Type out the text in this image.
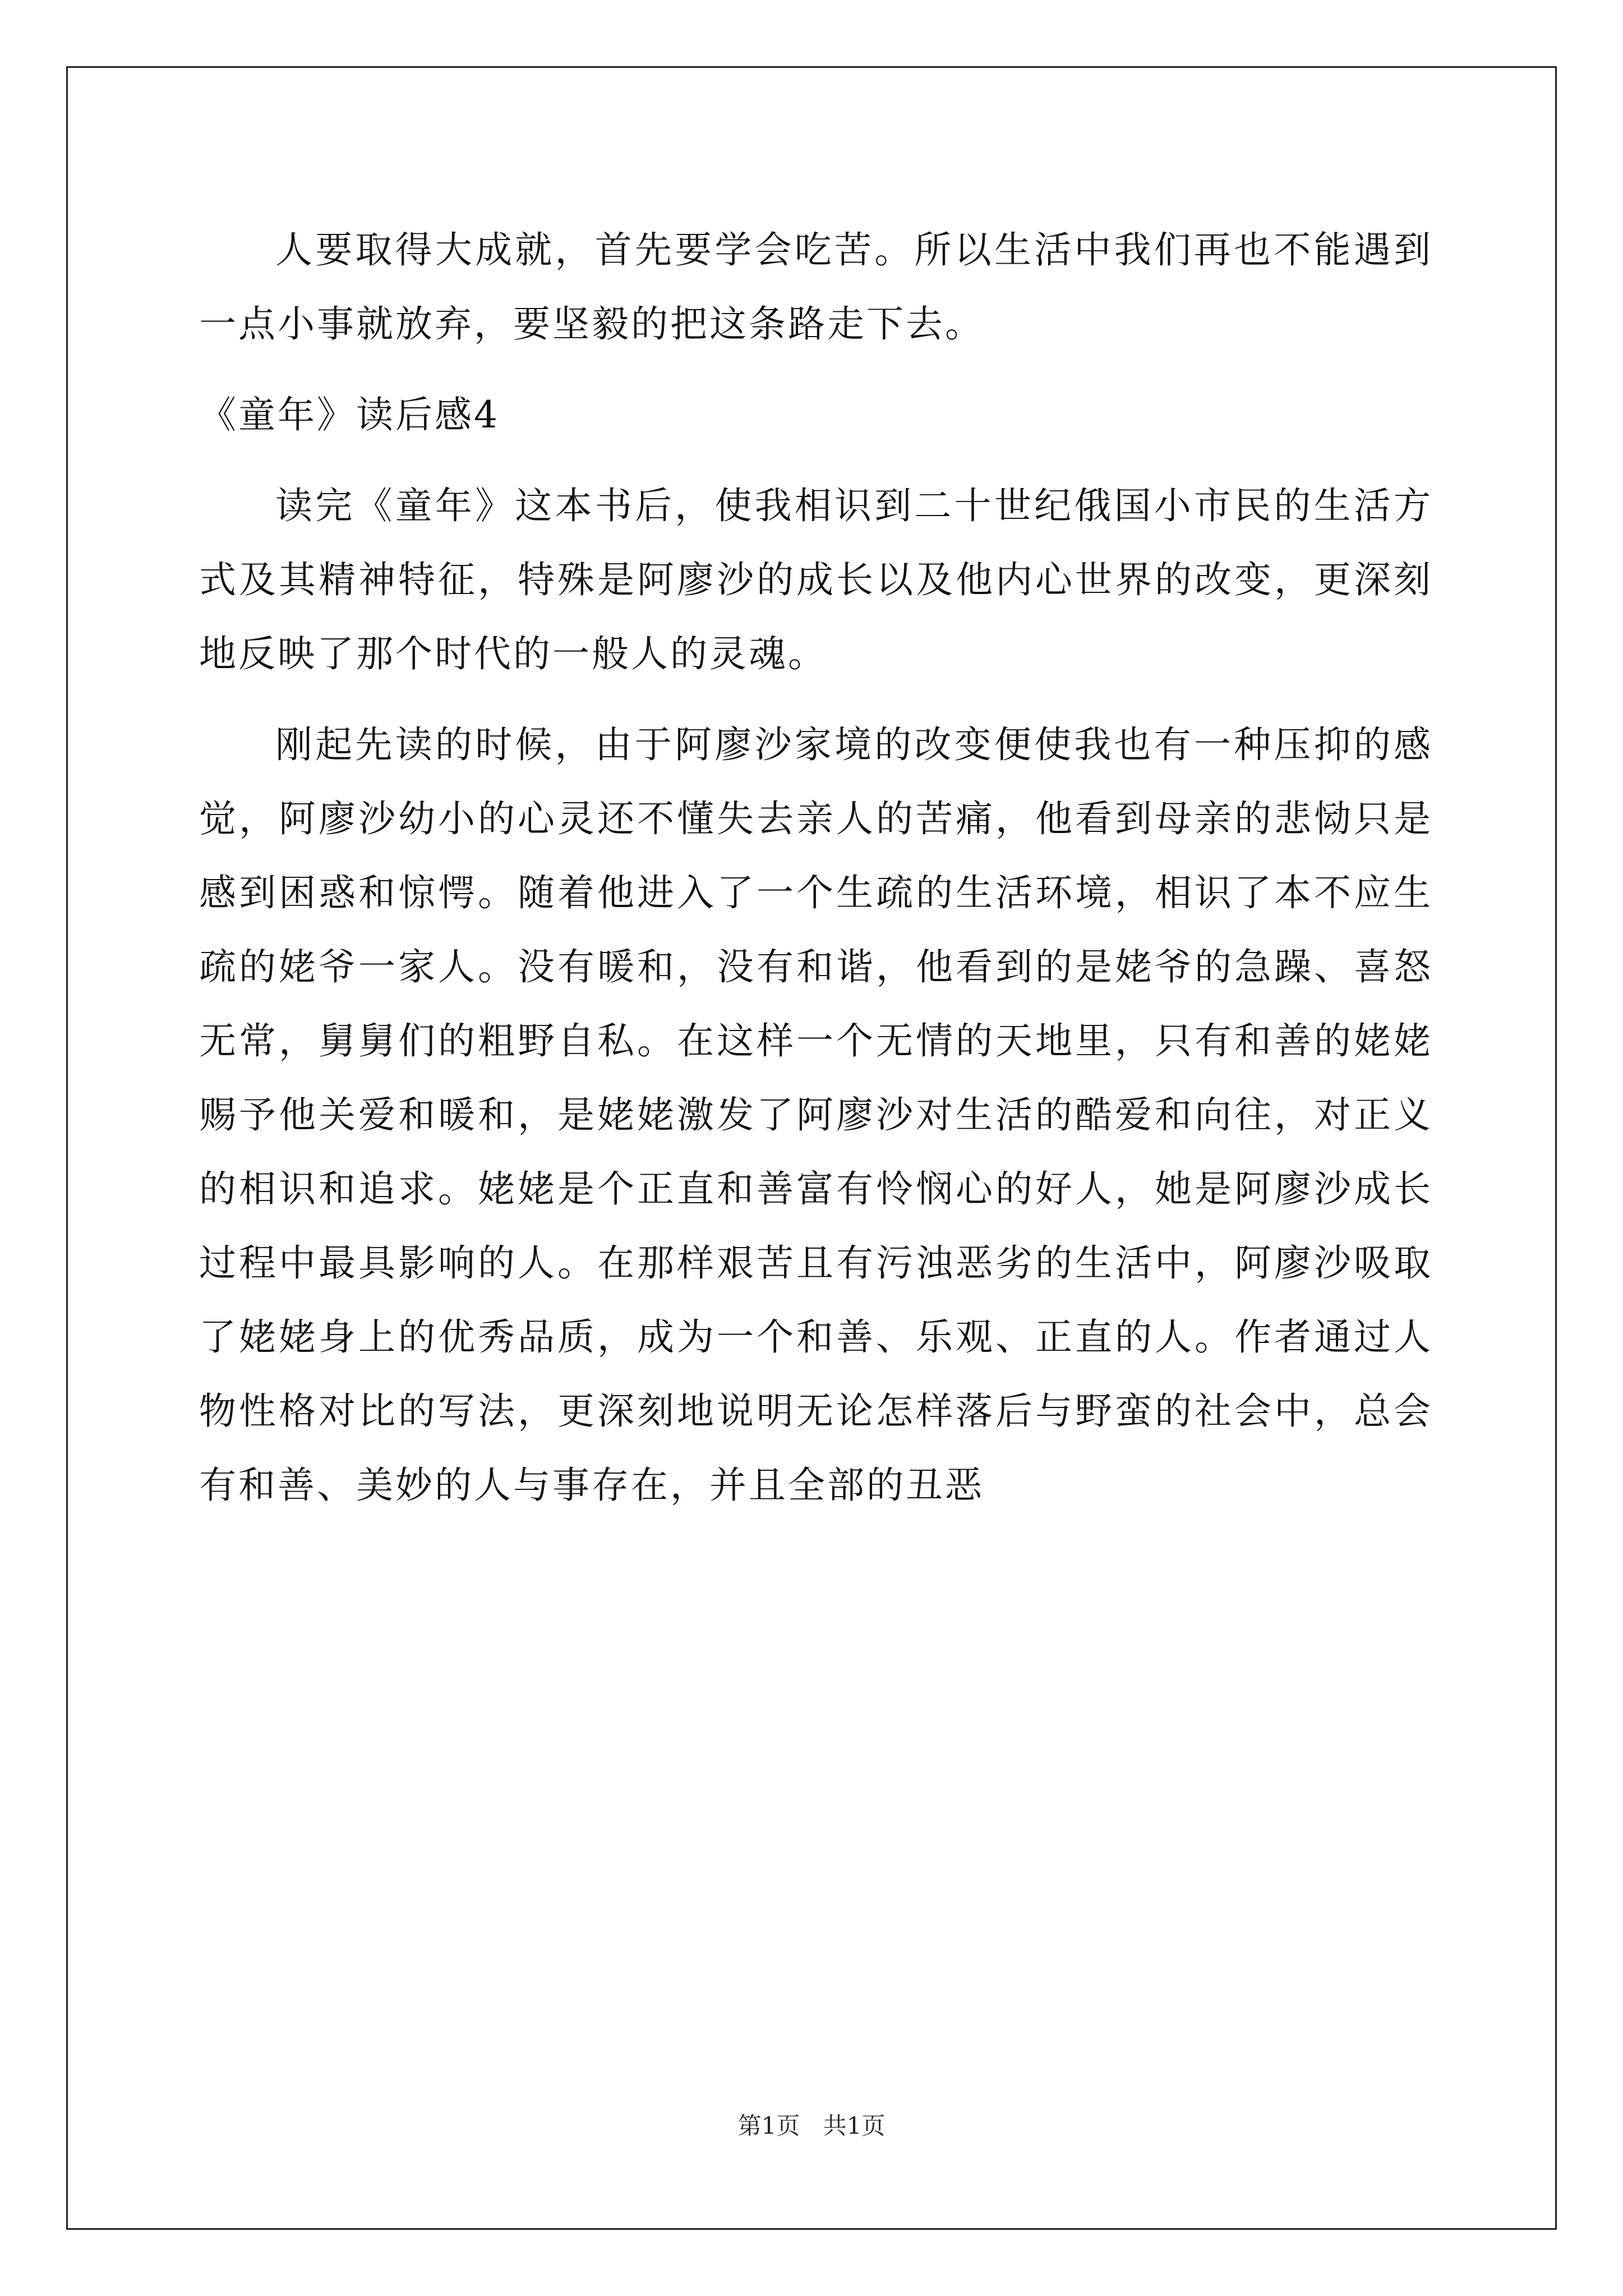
人要取得大成就，首先要学会吃苦。所以生活中我们再也不能遇到一点小事就放弃，要坚毅的把这条路走下去。

《童年》读后感4

读完《童年》这本书后，使我相识到二十世纪俄国小市民的生活方式及其精神特征，特殊是阿廖沙的成长以及他内心世界的改变，更深刻地反映了那个时代的一般人的灵魂。

刚起先读的时候，由于阿廖沙家境的改变便使我也有一种压抑的感觉，阿廖沙幼小的心灵还不懂失去亲人的苦痛，他看到母亲的悲恸只是感到困惑和惊愕。随着他进入了一个生疏的生活环境，相识了本不应生疏的姥爷一家人。没有暖和，没有和谐，他看到的是姥爷的急躁、喜怒无常，舅舅们的粗野自私。在这样一个无情的天地里，只有和善的姥姥赐予他关爱和暖和，是姥姥激发了阿廖沙对生活的酷爱和向往，对正义的相识和追求。姥姥是个正直和善富有怜悯心的好人，她是阿廖沙成长过程中最具影响的人。在那样艰苦且有污浊恶劣的生活中，阿廖沙吸取了姥姥身上的优秀品质，成为一个和善、乐观、正直的人。作者通过人物性格对比的写法，更深刻地说明无论怎样落后与野蛮的社会中，总会有和善、美妙的人与事存在，并且全部的丑恶

第1页 共1页
